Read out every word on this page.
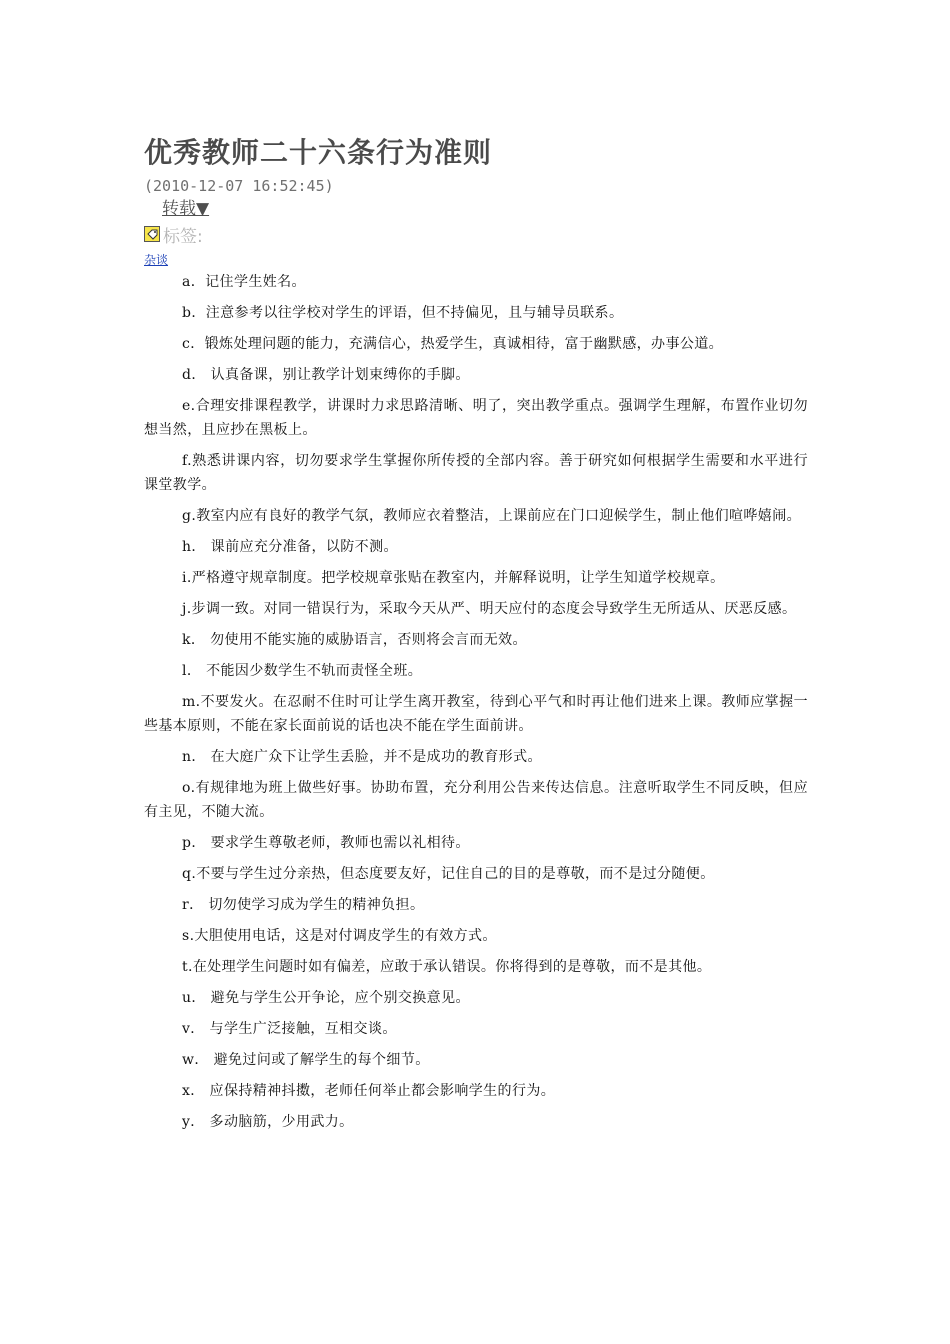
优秀教师二十六条行为准则
(2010-12-07 16:52:45)
转载▼
标签:
杂谈

a．记住学生姓名。

b．注意参考以往学校对学生的评语，但不持偏见，且与辅导员联系。

c．锻炼处理问题的能力，充满信心，热爱学生，真诚相待，富于幽默感，办事公道。

d． 认真备课，别让教学计划束缚你的手脚。

e.合理安排课程教学，讲课时力求思路清晰、明了，突出教学重点。强调学生理解，布置作业切勿想当然，且应抄在黑板上。

f.熟悉讲课内容，切勿要求学生掌握你所传授的全部内容。善于研究如何根据学生需要和水平进行课堂教学。

g.教室内应有良好的教学气氛，教师应衣着整洁，上课前应在门口迎候学生，制止他们喧哗嬉闹。

h． 课前应充分准备，以防不测。

i.严格遵守规章制度。把学校规章张贴在教室内，并解释说明，让学生知道学校规章。

j.步调一致。对同一错误行为，采取今天从严、明天应付的态度会导致学生无所适从、厌恶反感。

k． 勿使用不能实施的威胁语言，否则将会言而无效。

l． 不能因少数学生不轨而责怪全班。

m.不要发火。在忍耐不住时可让学生离开教室，待到心平气和时再让他们进来上课。教师应掌握一些基本原则，不能在家长面前说的话也决不能在学生面前讲。

n． 在大庭广众下让学生丢脸，并不是成功的教育形式。

o.有规律地为班上做些好事。协助布置，充分利用公告来传达信息。注意听取学生不同反映，但应有主见，不随大流。

p． 要求学生尊敬老师，教师也需以礼相待。

q.不要与学生过分亲热，但态度要友好，记住自己的目的是尊敬，而不是过分随便。

r． 切勿使学习成为学生的精神负担。

s.大胆使用电话，这是对付调皮学生的有效方式。

t.在处理学生问题时如有偏差，应敢于承认错误。你将得到的是尊敬，而不是其他。

u． 避免与学生公开争论，应个别交换意见。

v． 与学生广泛接触，互相交谈。

w． 避免过问或了解学生的每个细节。

x． 应保持精神抖擞，老师任何举止都会影响学生的行为。

y． 多动脑筋，少用武力。
